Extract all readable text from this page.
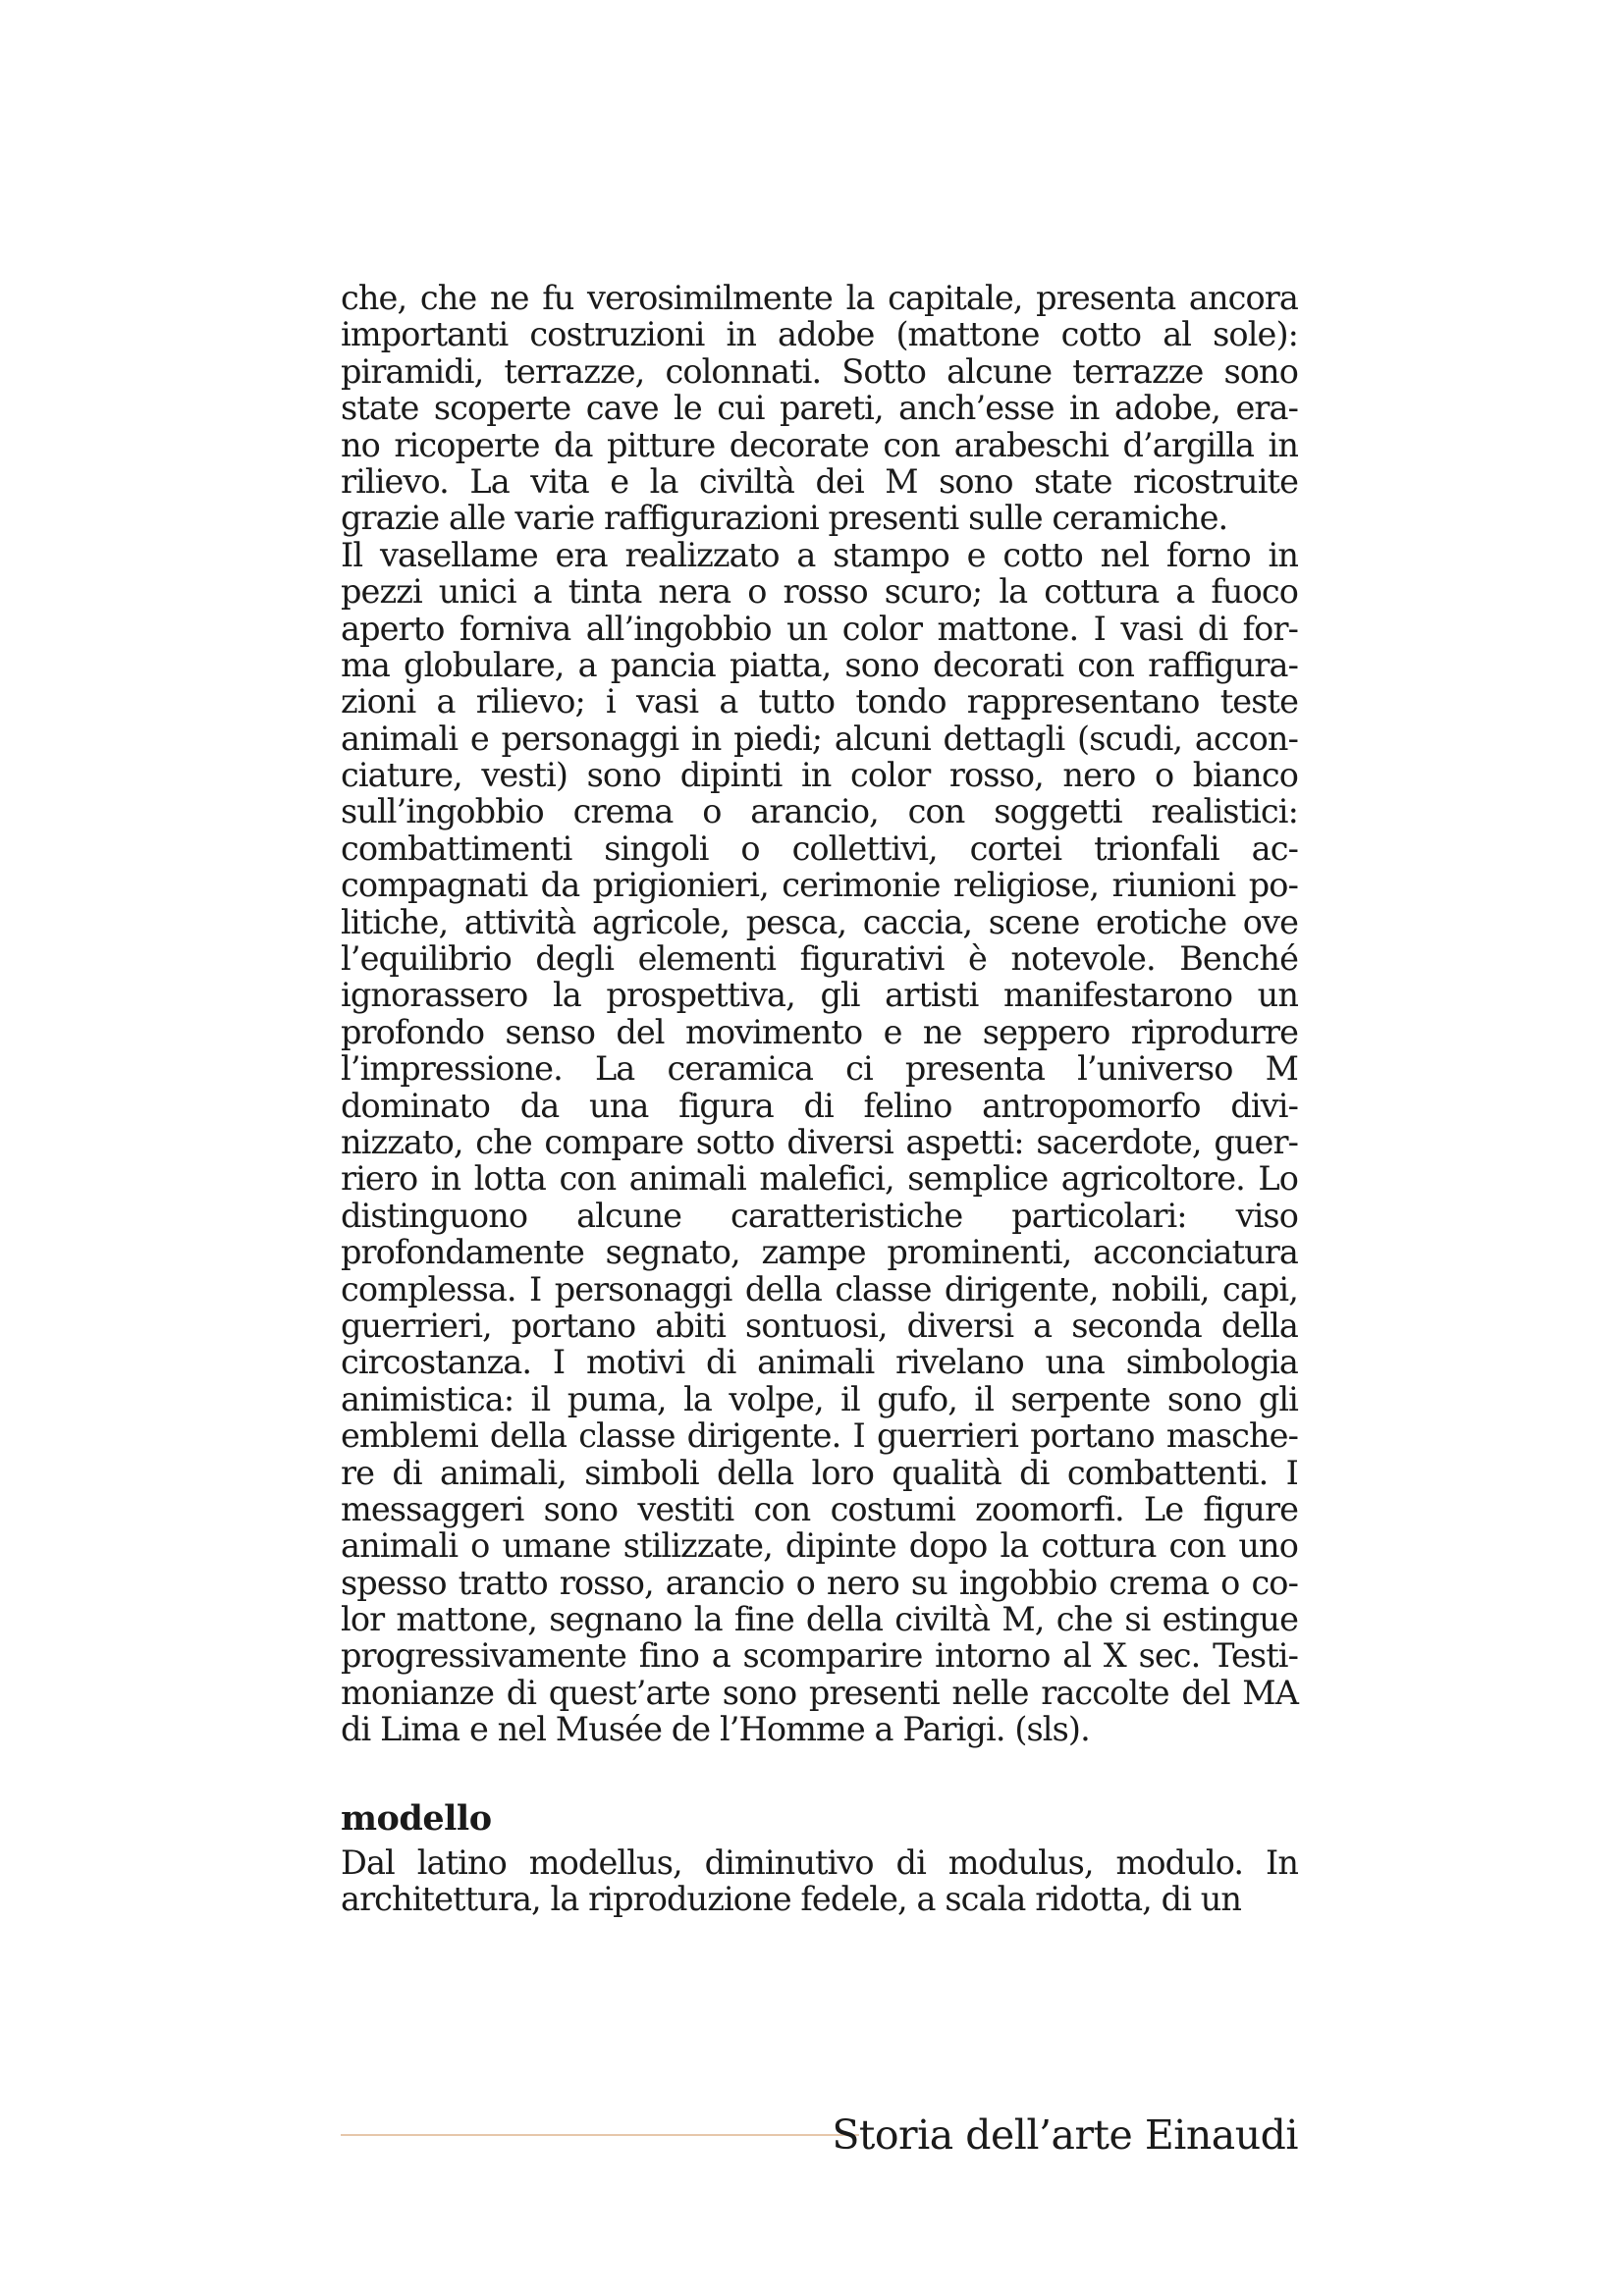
che, che ne fu verosimilmente la capitale, presenta ancora
importanti costruzioni in adobe (mattone cotto al sole):
piramidi, terrazze, colonnati. Sotto alcune terrazze sono
state scoperte cave le cui pareti, anch’esse in adobe, era-
no ricoperte da pitture decorate con arabeschi d’argilla in
rilievo. La vita e la civiltà dei M sono state ricostruite
grazie alle varie raffigurazioni presenti sulle ceramiche.
Il vasellame era realizzato a stampo e cotto nel forno in
pezzi unici a tinta nera o rosso scuro; la cottura a fuoco
aperto forniva all’ingobbio un color mattone. I vasi di for-
ma globulare, a pancia piatta, sono decorati con raffigura-
zioni a rilievo; i vasi a tutto tondo rappresentano teste
animali e personaggi in piedi; alcuni dettagli (scudi, accon-
ciature, vesti) sono dipinti in color rosso, nero o bianco
sull’ingobbio crema o arancio, con soggetti realistici:
combattimenti singoli o collettivi, cortei trionfali ac-
compagnati da prigionieri, cerimonie religiose, riunioni po-
litiche, attività agricole, pesca, caccia, scene erotiche ove
l’equilibrio degli elementi figurativi è notevole. Benché
ignorassero la prospettiva, gli artisti manifestarono un
profondo senso del movimento e ne seppero riprodurre
l’impressione. La ceramica ci presenta l’universo M
dominato da una figura di felino antropomorfo divi-
nizzato, che compare sotto diversi aspetti: sacerdote, guer-
riero in lotta con animali malefici, semplice agricoltore. Lo
distinguono alcune caratteristiche particolari: viso
profondamente segnato, zampe prominenti, acconciatura
complessa. I personaggi della classe dirigente, nobili, capi,
guerrieri, portano abiti sontuosi, diversi a seconda della
circostanza. I motivi di animali rivelano una simbologia
animistica: il puma, la volpe, il gufo, il serpente sono gli
emblemi della classe dirigente. I guerrieri portano masche-
re di animali, simboli della loro qualità di combattenti. I
messaggeri sono vestiti con costumi zoomorfi. Le figure
animali o umane stilizzate, dipinte dopo la cottura con uno
spesso tratto rosso, arancio o nero su ingobbio crema o co-
lor mattone, segnano la fine della civiltà M, che si estingue
progressivamente fino a scomparire intorno al X sec. Testi-
monianze di quest’arte sono presenti nelle raccolte del MA
di Lima e nel Musée de l’Homme a Parigi. (sls).
modello
Dal latino modellus, diminutivo di modulus, modulo. In
architettura, la riproduzione fedele, a scala ridotta, di un
Storia dell’arte Einaudi
